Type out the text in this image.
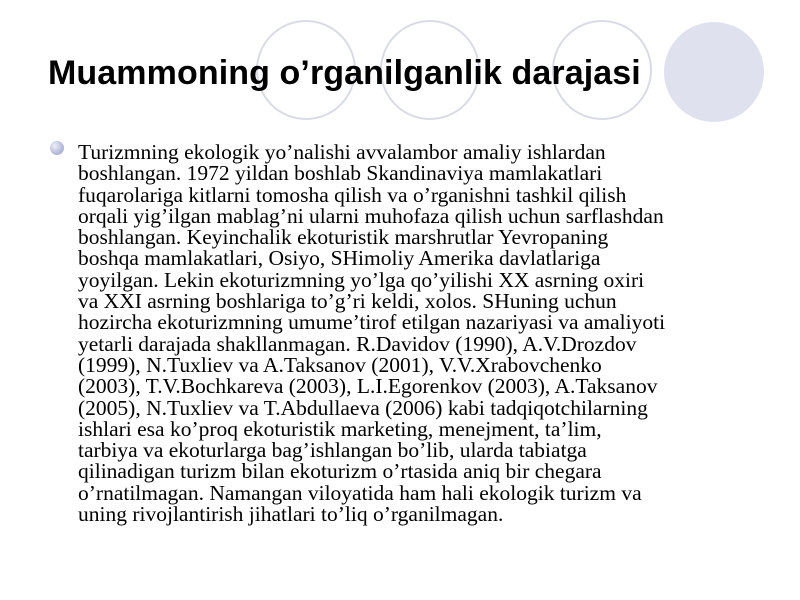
Muammoning o’rganilganlik darajasi

Turizmning ekologik yo’nalishi avvalambor amaliy ishlardan
boshlangan. 1972 yildan boshlab Skandinaviya mamlakatlari
fuqarolariga kitlarni tomosha qilish va o’rganishni tashkil qilish
orqali yig’ilgan mablag’ni ularni muhofaza qilish uchun sarflashdan
boshlangan. Keyinchalik ekoturistik marshrutlar Yevropaning
boshqa mamlakatlari, Osiyo, SHimoliy Amerika davlatlariga
yoyilgan. Lekin ekoturizmning yo’lga qo’yilishi XX asrning oxiri
va XXI asrning boshlariga to’g’ri keldi, xolos. SHuning uchun
hozircha ekoturizmning umume’tirof etilgan nazariyasi va amaliyoti
yetarli darajada shakllanmagan. R.Davidov (1990), A.V.Drozdov
(1999), N.Tuxliev va A.Taksanov (2001), V.V.Xrabovchenko
(2003), T.V.Bochkareva (2003), L.I.Egorenkov (2003), A.Taksanov
(2005), N.Tuxliev va T.Abdullaeva (2006) kabi tadqiqotchilarning
ishlari esa ko’proq ekoturistik marketing, menejment, ta’lim,
tarbiya va ekoturlarga bag’ishlangan bo’lib, ularda tabiatga
qilinadigan turizm bilan ekoturizm o’rtasida aniq bir chegara
o’rnatilmagan. Namangan viloyatida ham hali ekologik turizm va
uning rivojlantirish jihatlari to’liq o’rganilmagan.
